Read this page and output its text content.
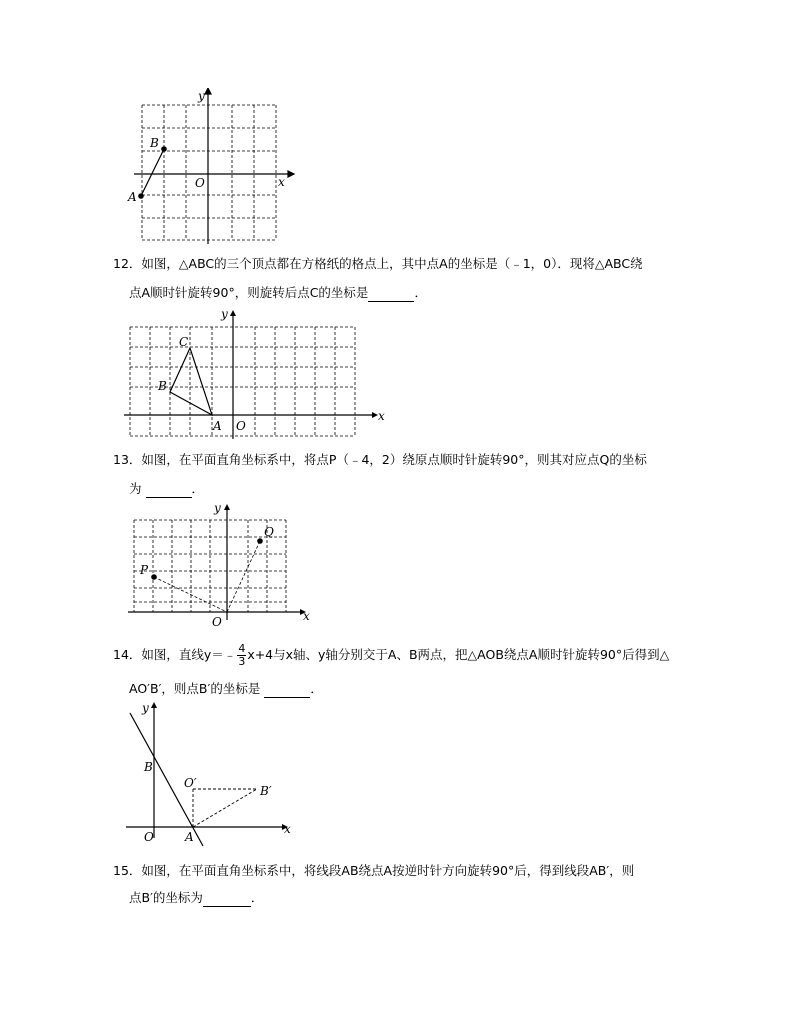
x
y
O
A
B
12．如图，△ABC的三个顶点都在方格纸的格点上，其中点A的坐标是（﹣1，0）．现将△ABC绕
点A顺时针旋转90°，则旋转后点C的坐标是	．
x
y
O
A
B
C
13．如图，在平面直角坐标系中，将点P（﹣4，2）绕原点顺时针旋转90°，则其对应点Q的坐标
为	．
x
y
O
P
Q
14．如图，直线y＝﹣ $\frac{4}{3} x+4$与x轴、y轴分别交于A、B两点，把△AOB绕点A顺时针旋转90°后得到△
AO′B′，则点B′的坐标是	．
x
y
O	A
B
O′
B′
15．如图，在平面直角坐标系中，将线段AB绕点A按逆时针方向旋转90°后，得到线段AB′，则
点B′的坐标为	．
